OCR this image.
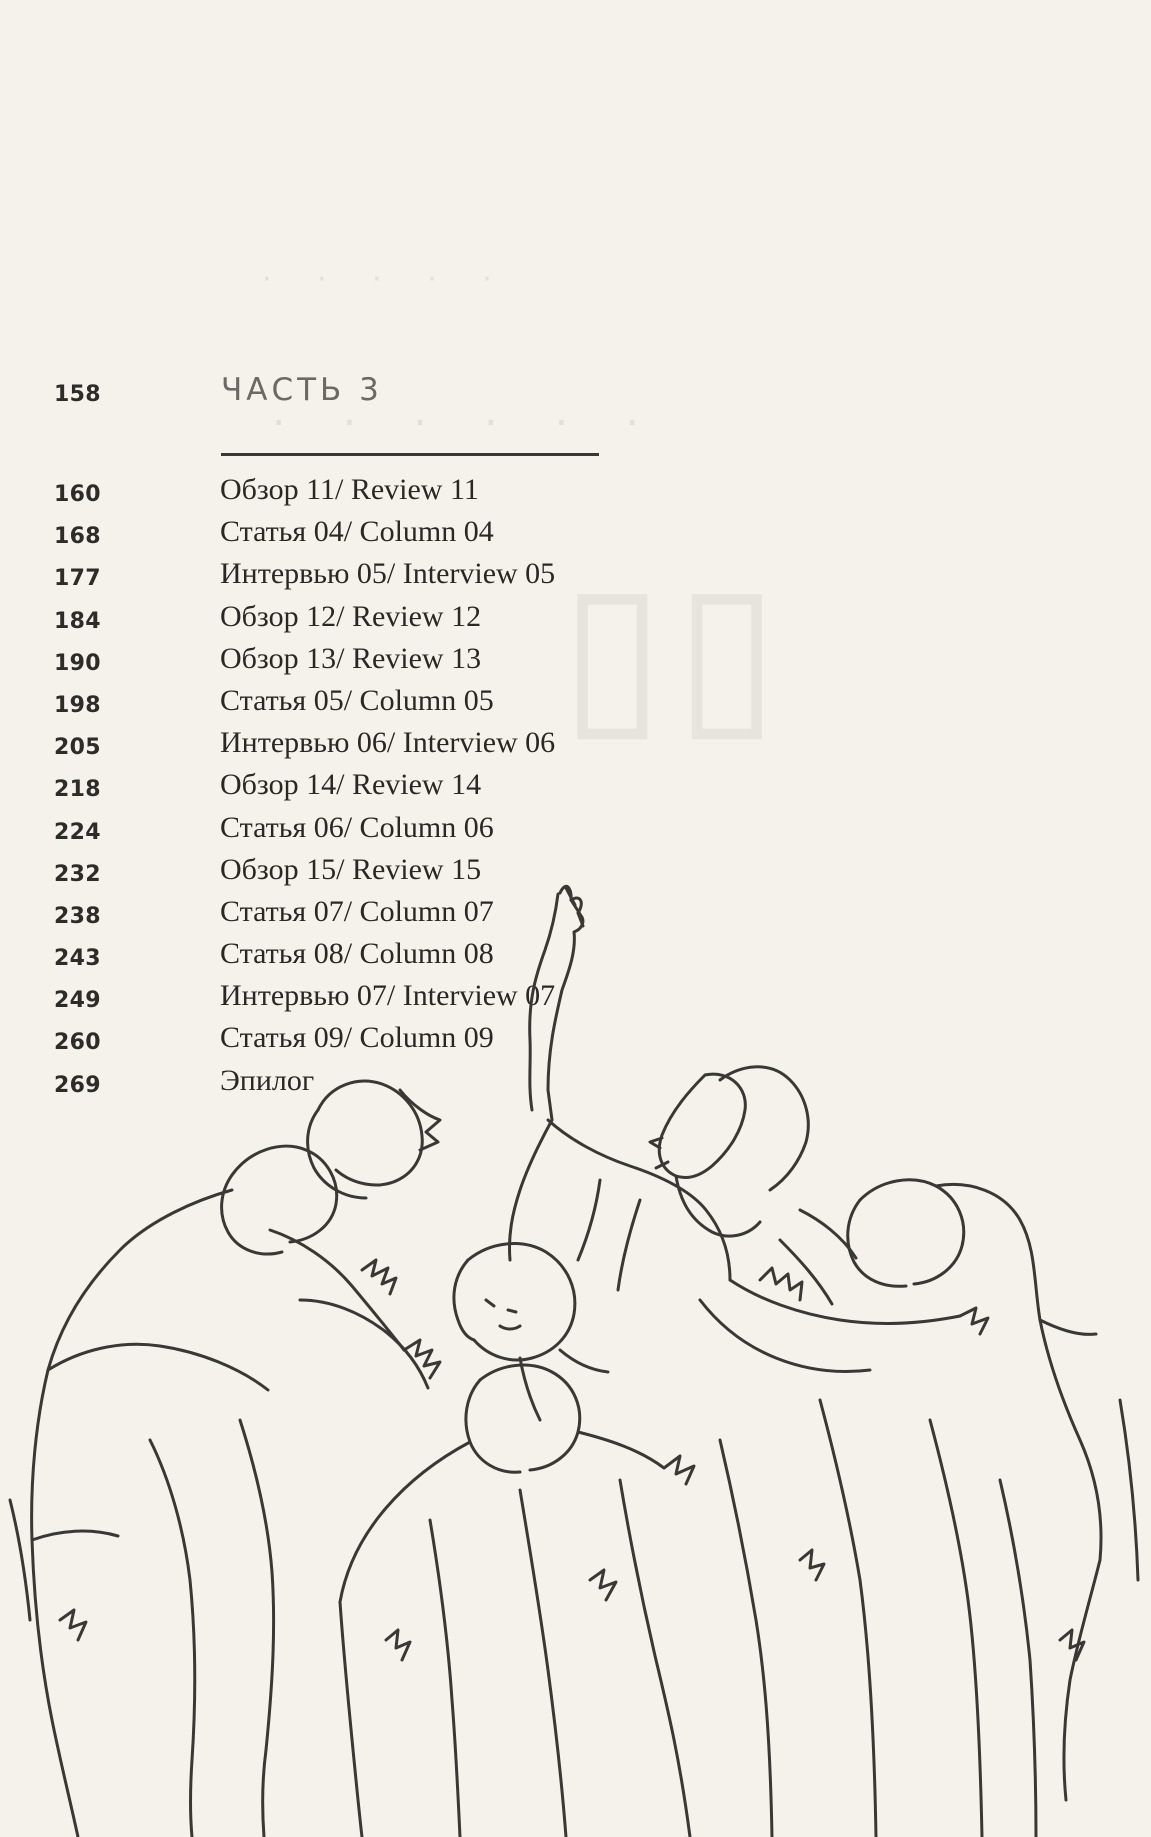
· · · · ·
· · · · · ·
▯▯
158	ЧАСТЬ 3
160	Обзор 11/ Review 11
168	Статья 04/ Column 04
177	Интервью 05/ Interview 05
184	Обзор 12/ Review 12
190	Обзор 13/ Review 13
198	Статья 05/ Column 05
205	Интервью 06/ Interview 06
218	Обзор 14/ Review 14
224	Статья 06/ Column 06
232	Обзор 15/ Review 15
238	Статья 07/ Column 07
243	Статья 08/ Column 08
249	Интервью 07/ Interview 07
260	Статья 09/ Column 09
269	Эпилог
